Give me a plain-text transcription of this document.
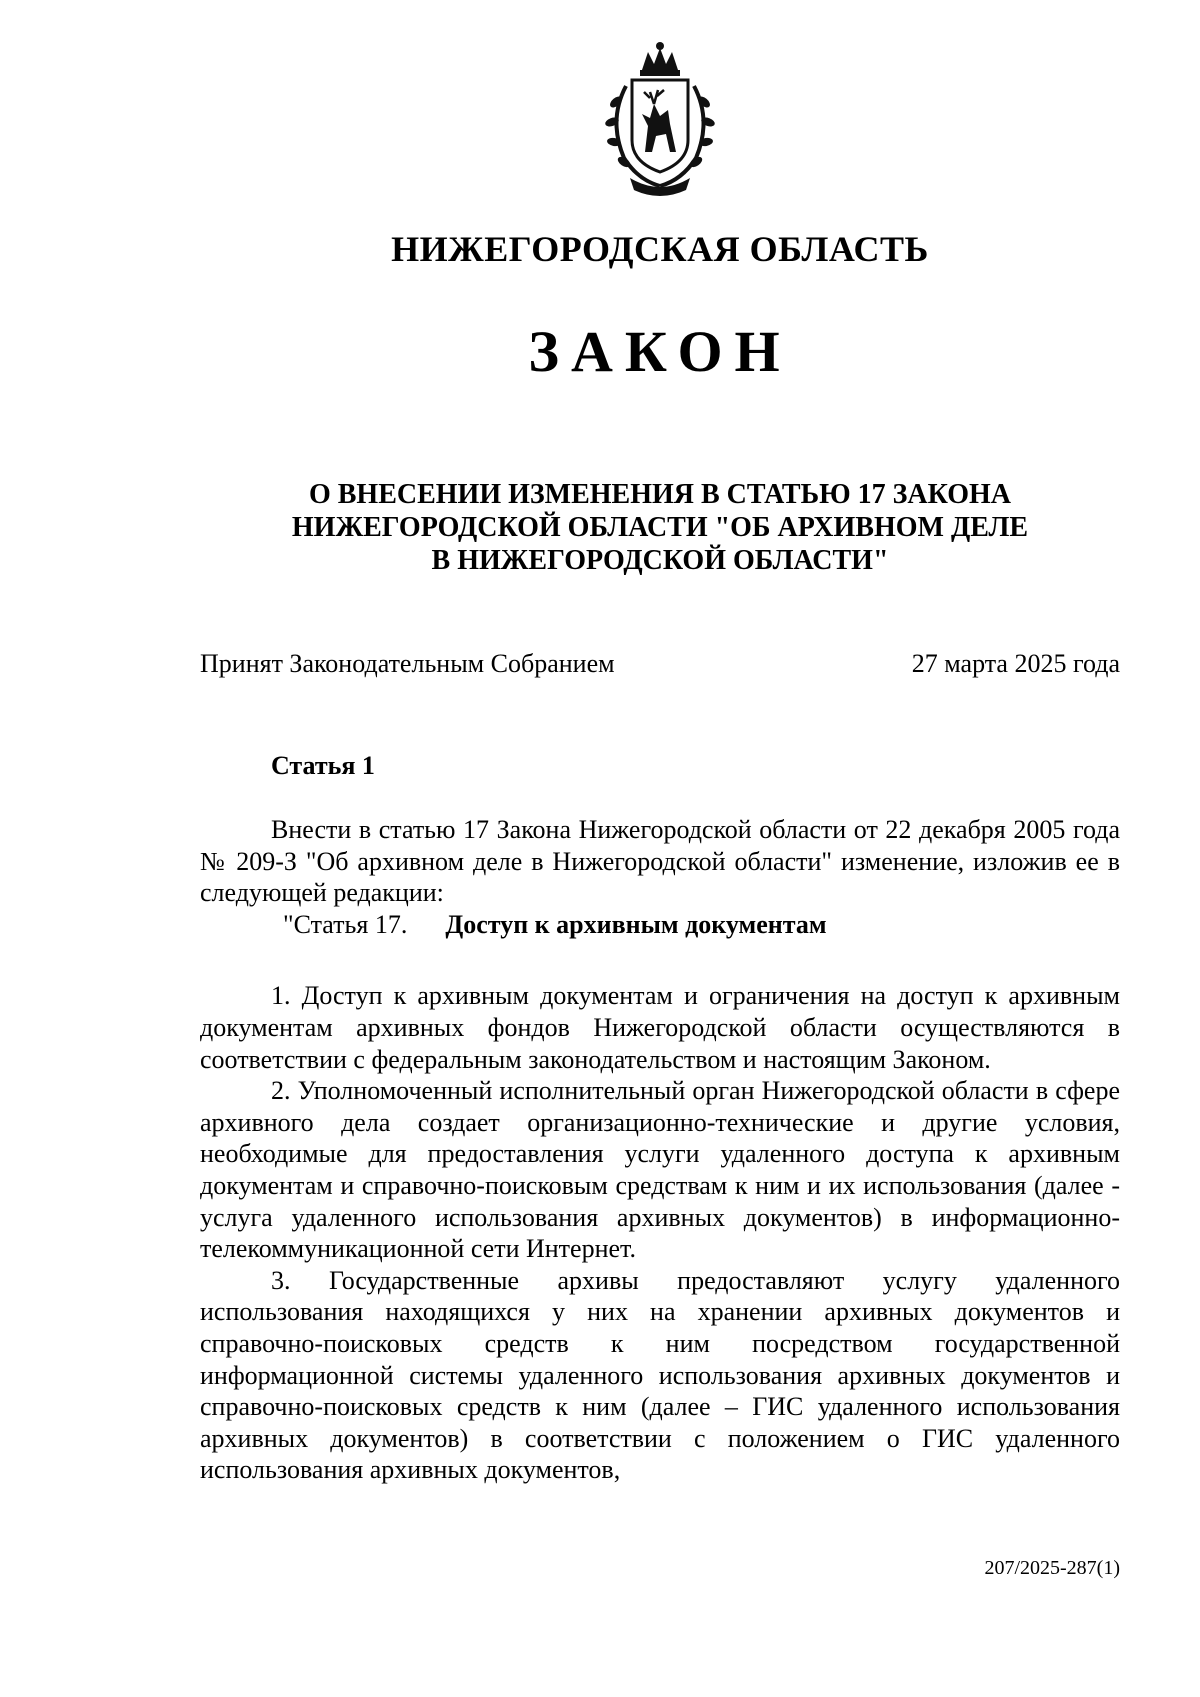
НИЖЕГОРОДСКАЯ ОБЛАСТЬ
ЗАКОН
О ВНЕСЕНИИ ИЗМЕНЕНИЯ В СТАТЬЮ 17 ЗАКОНА
НИЖЕГОРОДСКОЙ ОБЛАСТИ "ОБ АРХИВНОМ ДЕЛЕ
В НИЖЕГОРОДСКОЙ ОБЛАСТИ"
Принят Законодательным Собранием	27 марта 2025 года
Статья 1

Внести в статью 17 Закона Нижегородской области от 22 декабря 2005 года № 209-З "Об архивном деле в Нижегородской области" изменение, изложив ее в следующей редакции:

"Статья 17. Доступ к архивным документам

1. Доступ к архивным документам и ограничения на доступ к архивным документам архивных фондов Нижегородской области осуществляются в соответствии с федеральным законодательством и настоящим Законом.

2. Уполномоченный исполнительный орган Нижегородской области в сфере архивного дела создает организационно-технические и другие условия, необходимые для предоставления услуги удаленного доступа к архивным документам и справочно-поисковым средствам к ним и их использования (далее - услуга удаленного использования архивных документов) в информационно-телекоммуникационной сети Интернет.

3. Государственные архивы предоставляют услугу удаленного использования находящихся у них на хранении архивных документов и справочно-поисковых средств к ним посредством государственной информационной системы удаленного использования архивных документов и справочно-поисковых средств к ним (далее – ГИС удаленного использования архивных документов) в соответствии с положением о ГИС удаленного использования архивных документов,

207/2025-287(1)
